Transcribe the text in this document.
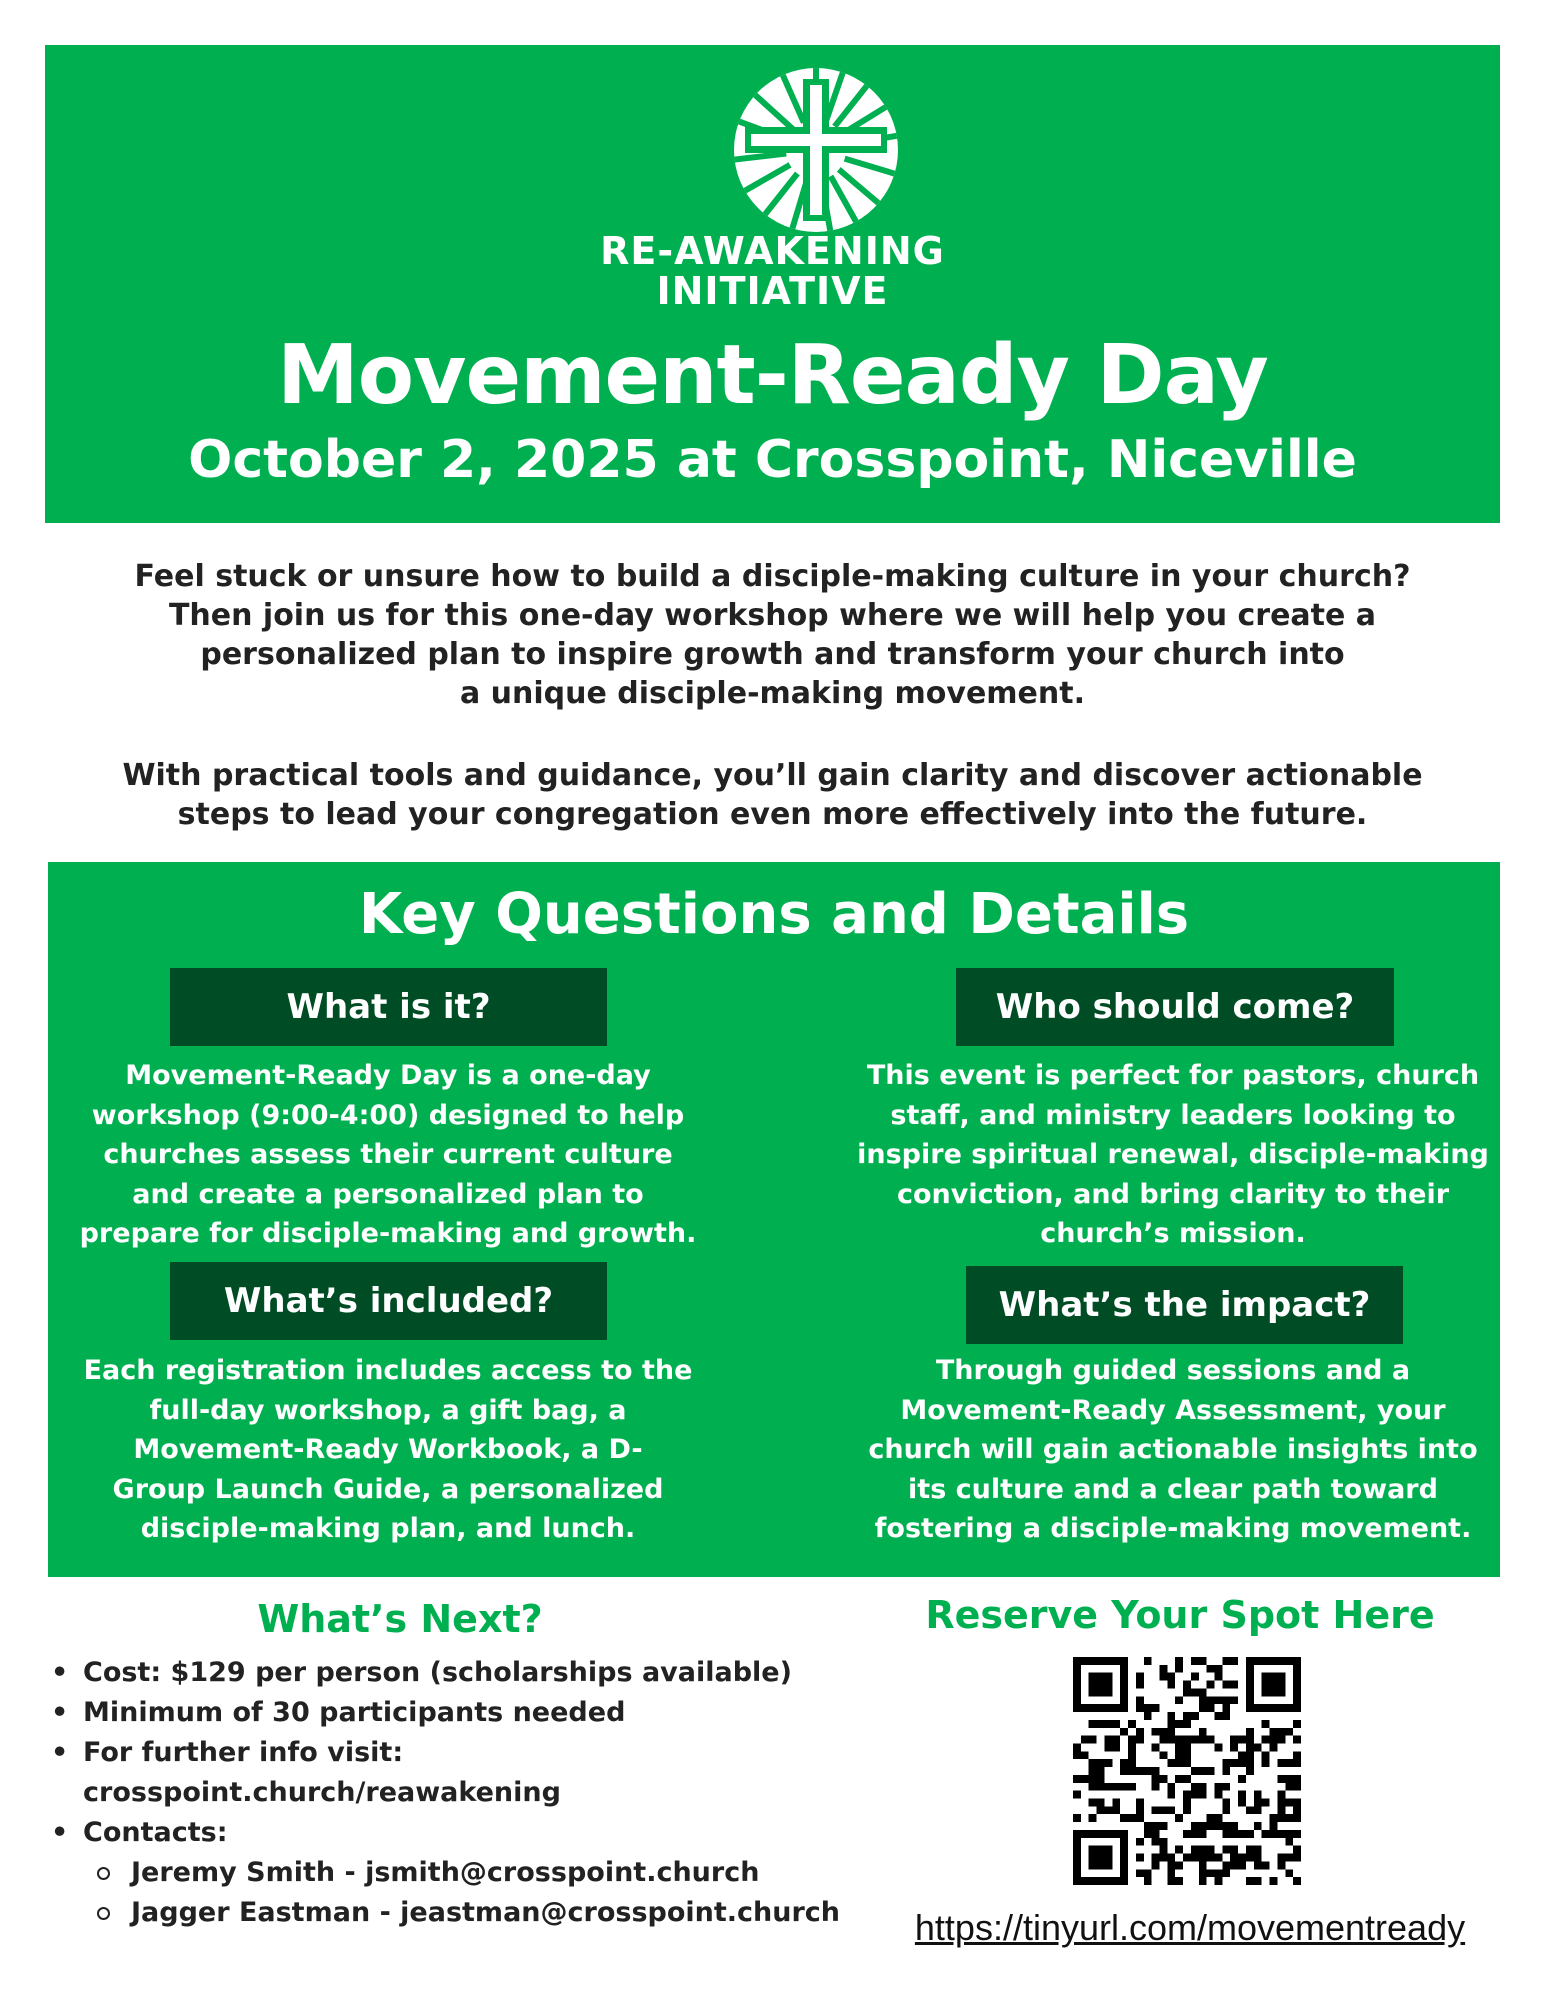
RE-AWAKENING
INITIATIVE
Movement-Ready Day
October 2, 2025 at Crosspoint, Niceville
Feel stuck or unsure how to build a disciple-making culture in your church?
Then join us for this one-day workshop where we will help you create a
personalized plan to inspire growth and transform your church into
a unique disciple-making movement.
With practical tools and guidance, you’ll gain clarity and discover actionable
steps to lead your congregation even more effectively into the future.
Key Questions and Details
What is it?
Movement-Ready Day is a one-day
workshop (9:00-4:00) designed to help
churches assess their current culture
and create a personalized plan to
prepare for disciple-making and growth.
Who should come?
This event is perfect for pastors, church
staff, and ministry leaders looking to
inspire spiritual renewal, disciple-making
conviction, and bring clarity to their
church’s mission.
What’s included?
Each registration includes access to the
full-day workshop, a gift bag, a
Movement-Ready Workbook, a D-
Group Launch Guide, a personalized
disciple-making plan, and lunch.
What’s the impact?
Through guided sessions and a
Movement-Ready Assessment, your
church will gain actionable insights into
its culture and a clear path toward
fostering a disciple-making movement.
What’s Next?
• Cost: $129 per person (scholarships available)
• Minimum of 30 participants needed
• For further info visit:
crosspoint.church/reawakening
• Contacts:
Jeremy Smith - jsmith@crosspoint.church
Jagger Eastman - jeastman@crosspoint.church
Reserve Your Spot Here
https://tinyurl.com/movementready
